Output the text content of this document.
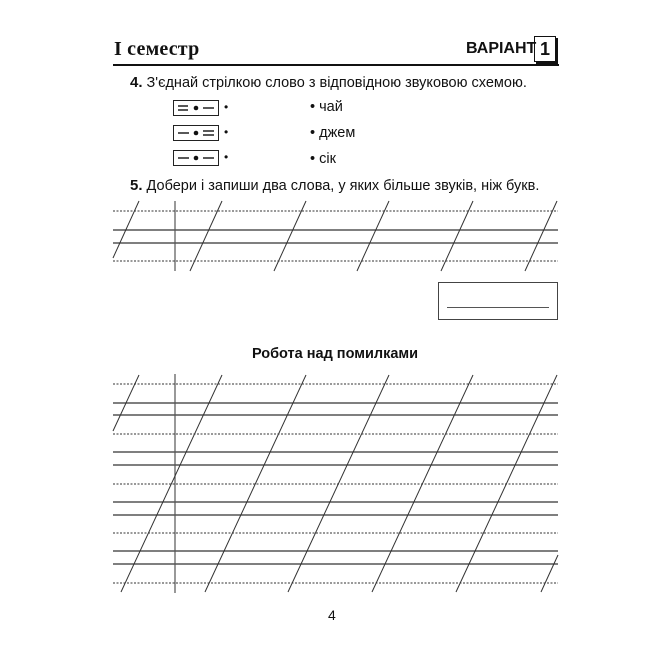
I семестр	ВАРІАНТ 1
4. З'єднай стрілкою слово з відповідною звуковою схемою.
•
•
•
• чай
• джем
• сік
5. Добери і запиши два слова, у яких більше звуків, ніж букв.
Робота над помилками
4
